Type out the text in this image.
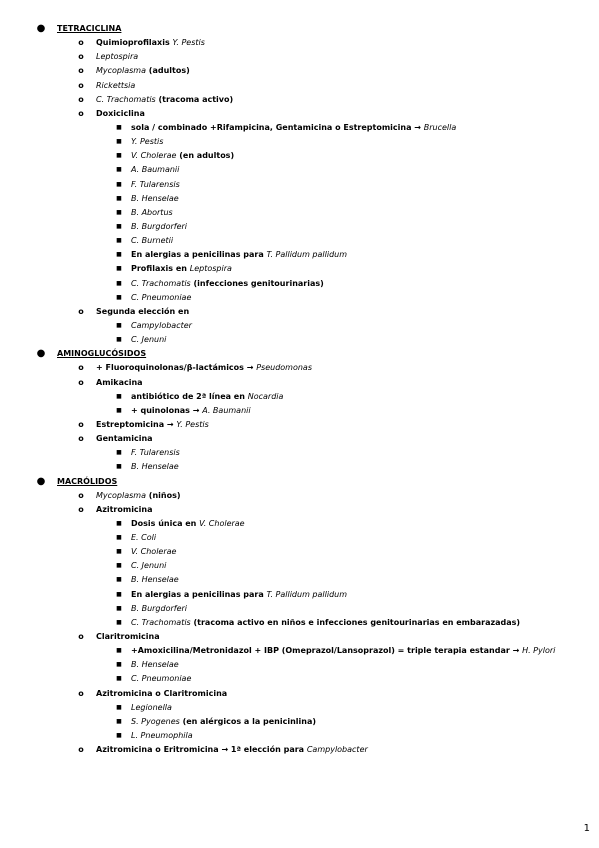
● TETRACICLINA
o Quimioprofilaxis Y. Pestis
o Leptospira
o Mycoplasma (adultos)
o Rickettsia
o C. Trachomatis (tracoma activo)
o Doxiciclina
■ sola / combinado +Rifampicina, Gentamicina o Estreptomicina → Brucella
■ Y. Pestis
■ V. Cholerae (en adultos)
■ A. Baumanii
■ F. Tularensis
■ B. Henselae
■ B. Abortus
■ B. Burgdorferi
■ C. Burnetii
■ En alergias a penicilinas para T. Pallidum pallidum
■ Profilaxis en Leptospira
■ C. Trachomatis (infecciones genitourinarias)
■ C. Pneumoniae
o Segunda elección en
■ Campylobacter
■ C. Jenuni
● AMINOGLUCÓSIDOS
o + Fluoroquinolonas/β-lactámicos → Pseudomonas
o Amikacina
■ antibiótico de 2ª línea en Nocardia
■ + quinolonas → A. Baumanii
o Estreptomicina → Y. Pestis
o Gentamicina
■ F. Tularensis
■ B. Henselae
● MACRÓLIDOS
o Mycoplasma (niños)
o Azitromicina
■ Dosis única en V. Cholerae
■ E. Coli
■ V. Cholerae
■ C. Jenuni
■ B. Henselae
■ En alergias a penicilinas para T. Pallidum pallidum
■ B. Burgdorferi
■ C. Trachomatis (tracoma activo en niños e infecciones genitourinarias en embarazadas)
o Claritromicina
■ +Amoxicilina/Metronidazol + IBP (Omeprazol/Lansoprazol) = triple terapia estandar → H. Pylori
■ B. Henselae
■ C. Pneumoniae
o Azitromicina o Claritromicina
■ Legionella
■ S. Pyogenes (en alérgicos a la penicinlina)
■ L. Pneumophila
o Azitromicina o Eritromicina → 1ª elección para Campylobacter
1
